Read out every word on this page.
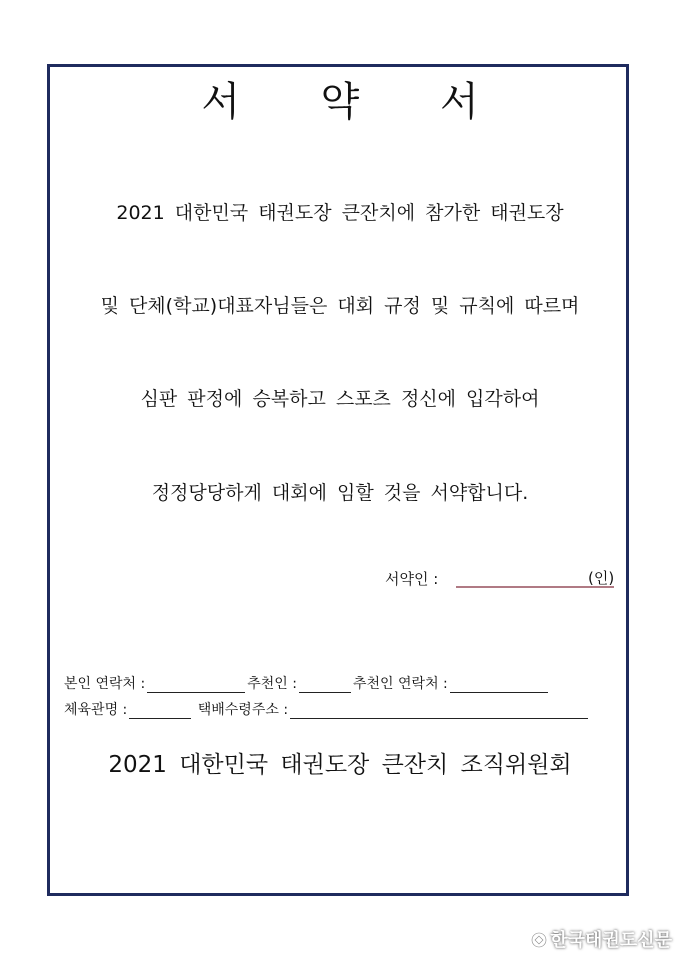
서 약 서
2021 대한민국 태권도장 큰잔치에 참가한 태권도장
및 단체(학교)대표자님들은 대회 규정 및 규칙에 따르며
심판 판정에 승복하고 스포츠 정신에 입각하여
정정당당하게 대회에 임할 것을 서약합니다.
서약인 :	(인)
본인 연락처 :	추천인 :	추천인 연락처 :
체육관명 :	택배수령주소 :
2021 대한민국 태권도장 큰잔치 조직위원회
한국태권도신문
